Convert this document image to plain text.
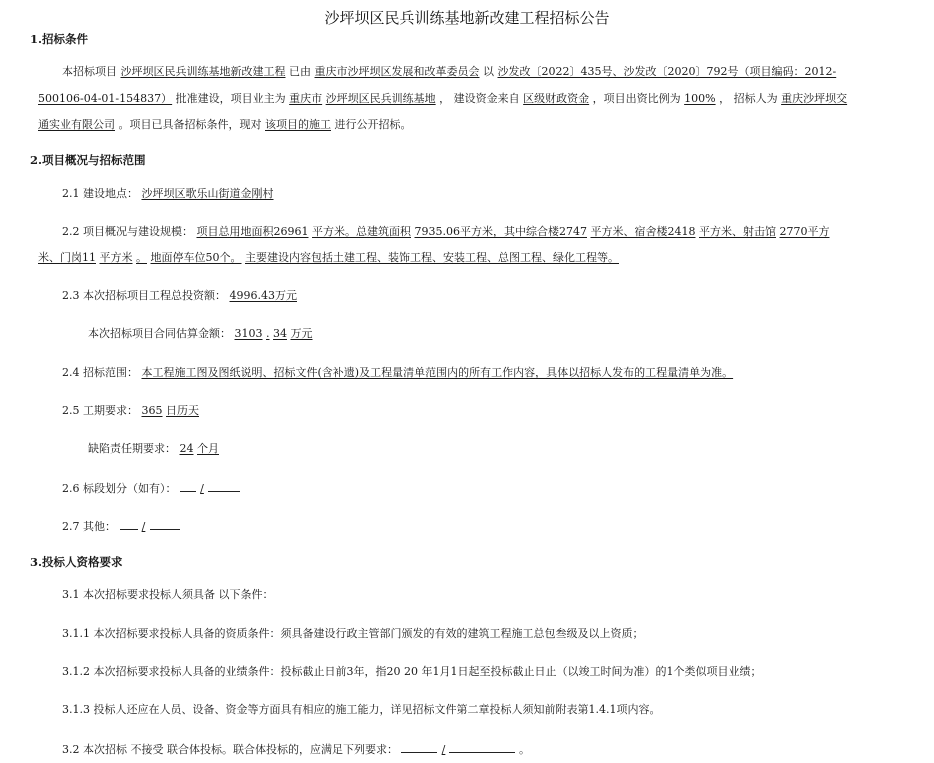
沙坪坝区民兵训练基地新改建工程招标公告
1.招标条件
本招标项目 沙坪坝区民兵训练基地新改建工程 已由 重庆市沙坪坝区发展和改革委员会 以 沙发改〔2022〕435号、沙发改〔2020〕792号（项目编码：2012-
500106-04-01-154837） 批准建设，项目业主为 重庆市 沙坪坝区民兵训练基地 ， 建设资金来自 区级财政资金 ，项目出资比例为 100% ， 招标人为 重庆沙坪坝交
通实业有限公司 。项目已具备招标条件，现对 该项目的施工 进行公开招标。
2.项目概况与招标范围
2.1 建设地点： 沙坪坝区歌乐山街道金刚村
2.2 项目概况与建设规模： 项目总用地面积26961 平方米。总建筑面积 7935.06平方米，其中综合楼2747 平方米、宿舍楼2418 平方米、射击馆 2770平方
米、门岗11 平方米 。 地面停车位50个。 主要建设内容包括土建工程、装饰工程、安装工程、总图工程、绿化工程等。
2.3 本次招标项目工程总投资额： 4996.43万元
本次招标项目合同估算金额： 3103 . 34 万元
2.4 招标范围： 本工程施工图及图纸说明、招标文件(含补遗)及工程量清单范围内的所有工作内容，具体以招标人发布的工程量清单为准。
2.5 工期要求： 365 日历天
缺陷责任期要求： 24 个月
2.6 标段划分（如有）： /
2.7 其他： /
3.投标人资格要求
3.1 本次招标要求投标人须具备 以下条件：
3.1.1 本次招标要求投标人具备的资质条件：须具备建设行政主管部门颁发的有效的建筑工程施工总包叁级及以上资质；
3.1.2 本次招标要求投标人具备的业绩条件：投标截止日前3年，指20 20 年1月1日起至投标截止日止（以竣工时间为准）的1个类似项目业绩；
3.1.3 投标人还应在人员、设备、资金等方面具有相应的施工能力，详见招标文件第二章投标人须知前附表第1.4.1项内容。
3.2 本次招标 不接受 联合体投标。联合体投标的，应满足下列要求：	/	。
